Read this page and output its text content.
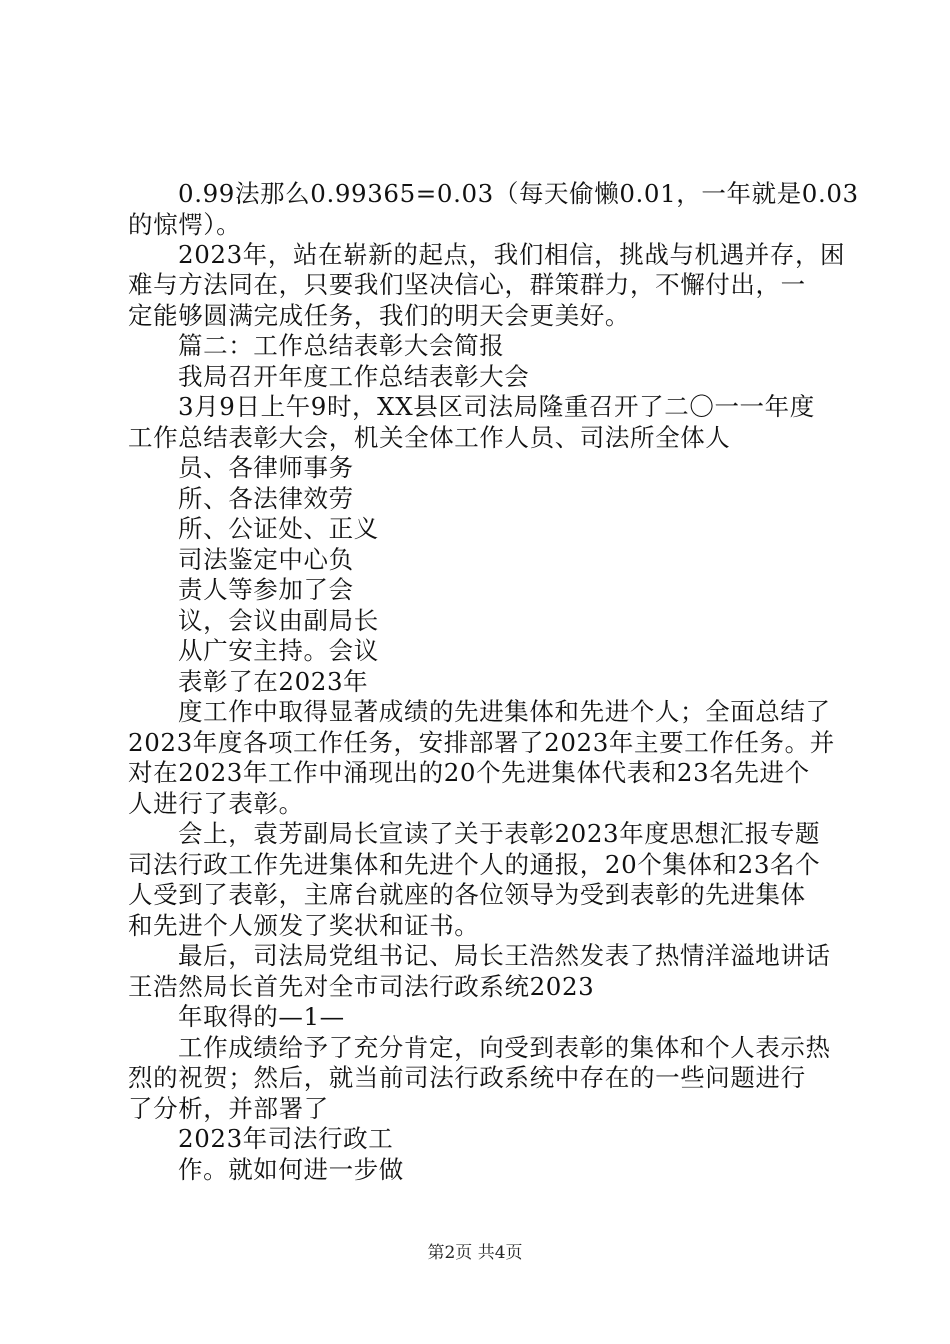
0.99法那么0.99365=0.03（每天偷懒0.01，一年就是0.03
的惊愕）。
2023年，站在崭新的起点，我们相信，挑战与机遇并存，困
难与方法同在，只要我们坚决信心，群策群力，不懈付出，一
定能够圆满完成任务，我们的明天会更美好。
篇二：工作总结表彰大会简报
我局召开年度工作总结表彰大会
3月9日上午9时，XX县区司法局隆重召开了二〇一一年度
工作总结表彰大会，机关全体工作人员、司法所全体人
员、各律师事务
所、各法律效劳
所、公证处、正义
司法鉴定中心负
责人等参加了会
议，会议由副局长
从广安主持。会议
表彰了在2023年
度工作中取得显著成绩的先进集体和先进个人；全面总结了
2023年度各项工作任务，安排部署了2023年主要工作任务。并
对在2023年工作中涌现出的20个先进集体代表和23名先进个
人进行了表彰。
会上，袁芳副局长宣读了关于表彰2023年度思想汇报专题
司法行政工作先进集体和先进个人的通报，20个集体和23名个
人受到了表彰，主席台就座的各位领导为受到表彰的先进集体
和先进个人颁发了奖状和证书。
最后，司法局党组书记、局长王浩然发表了热情洋溢地讲话
王浩然局长首先对全市司法行政系统2023
年取得的—1—
工作成绩给予了充分肯定，向受到表彰的集体和个人表示热
烈的祝贺；然后，就当前司法行政系统中存在的一些问题进行
了分析，并部署了
2023年司法行政工
作。就如何进一步做
第2页 共4页
